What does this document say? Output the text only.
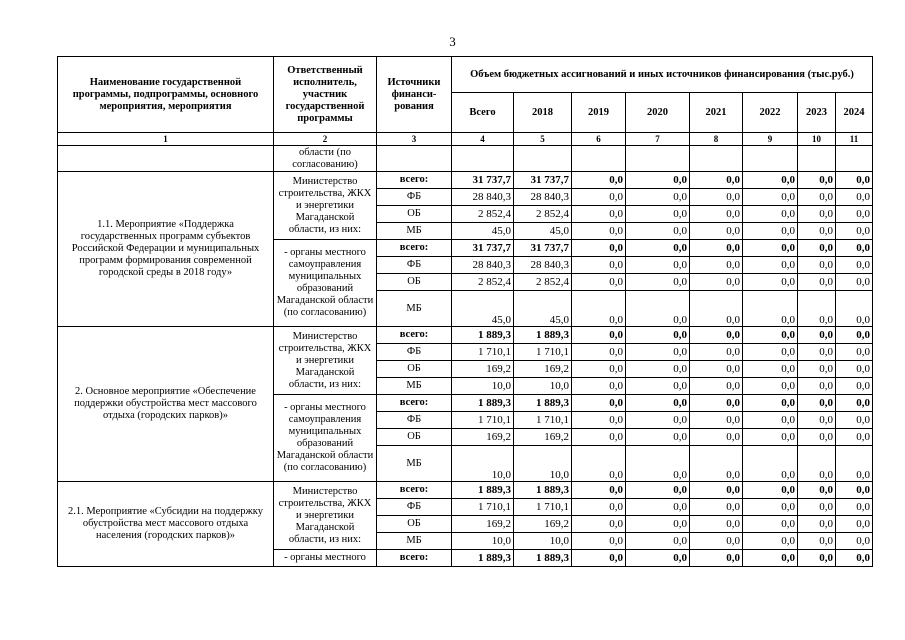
3
Наименование государственной программы, подпрограммы, основного мероприятия, мероприятия	Ответственный исполнитель, участник государственной программы	Источники финанси-рования	Объем бюджетных ассигнований и иных источников финансирования (тыс.руб.)							
			Всего	2018	2019	2020	2021	2022	2023	2024
1	2	3	4	5	6	7	8	9	10	11
	области (по согласованию)									
1.1. Мероприятие «Поддержка государственных программ субъектов Российской Федерации и муниципальных программ формирования современной городской среды в 2018 году»	Министерство строительства, ЖКХ и энергетики Магаданской области, из них:	всего:	31 737,7	31 737,7	0,0	0,0	0,0	0,0	0,0	0,0
		ФБ	28 840,3	28 840,3	0,0	0,0	0,0	0,0	0,0	0,0
		ОБ	2 852,4	2 852,4	0,0	0,0	0,0	0,0	0,0	0,0
		МБ	45,0	45,0	0,0	0,0	0,0	0,0	0,0	0,0
	- органы местного самоуправления муниципальных образований Магаданской области (по согласованию)	всего:	31 737,7	31 737,7	0,0	0,0	0,0	0,0	0,0	0,0
		ФБ	28 840,3	28 840,3	0,0	0,0	0,0	0,0	0,0	0,0
		ОБ	2 852,4	2 852,4	0,0	0,0	0,0	0,0	0,0	0,0
		МБ	45,0	45,0	0,0	0,0	0,0	0,0	0,0	0,0
2. Основное мероприятие «Обеспечение поддержки обустройства мест массового отдыха (городских парков)»	Министерство строительства, ЖКХ и энергетики Магаданской области, из них:	всего:	1 889,3	1 889,3	0,0	0,0	0,0	0,0	0,0	0,0
		ФБ	1 710,1	1 710,1	0,0	0,0	0,0	0,0	0,0	0,0
		ОБ	169,2	169,2	0,0	0,0	0,0	0,0	0,0	0,0
		МБ	10,0	10,0	0,0	0,0	0,0	0,0	0,0	0,0
	- органы местного самоуправления муниципальных образований Магаданской области (по согласованию)	всего:	1 889,3	1 889,3	0,0	0,0	0,0	0,0	0,0	0,0
		ФБ	1 710,1	1 710,1	0,0	0,0	0,0	0,0	0,0	0,0
		ОБ	169,2	169,2	0,0	0,0	0,0	0,0	0,0	0,0
		МБ	10,0	10,0	0,0	0,0	0,0	0,0	0,0	0,0
2.1. Мероприятие «Субсидии на поддержку обустройства мест массового отдыха населения (городских парков)»	Министерство строительства, ЖКХ и энергетики Магаданской области, из них:	всего:	1 889,3	1 889,3	0,0	0,0	0,0	0,0	0,0	0,0
		ФБ	1 710,1	1 710,1	0,0	0,0	0,0	0,0	0,0	0,0
		ОБ	169,2	169,2	0,0	0,0	0,0	0,0	0,0	0,0
		МБ	10,0	10,0	0,0	0,0	0,0	0,0	0,0	0,0
	- органы местного	всего:	1 889,3	1 889,3	0,0	0,0	0,0	0,0	0,0	0,0
